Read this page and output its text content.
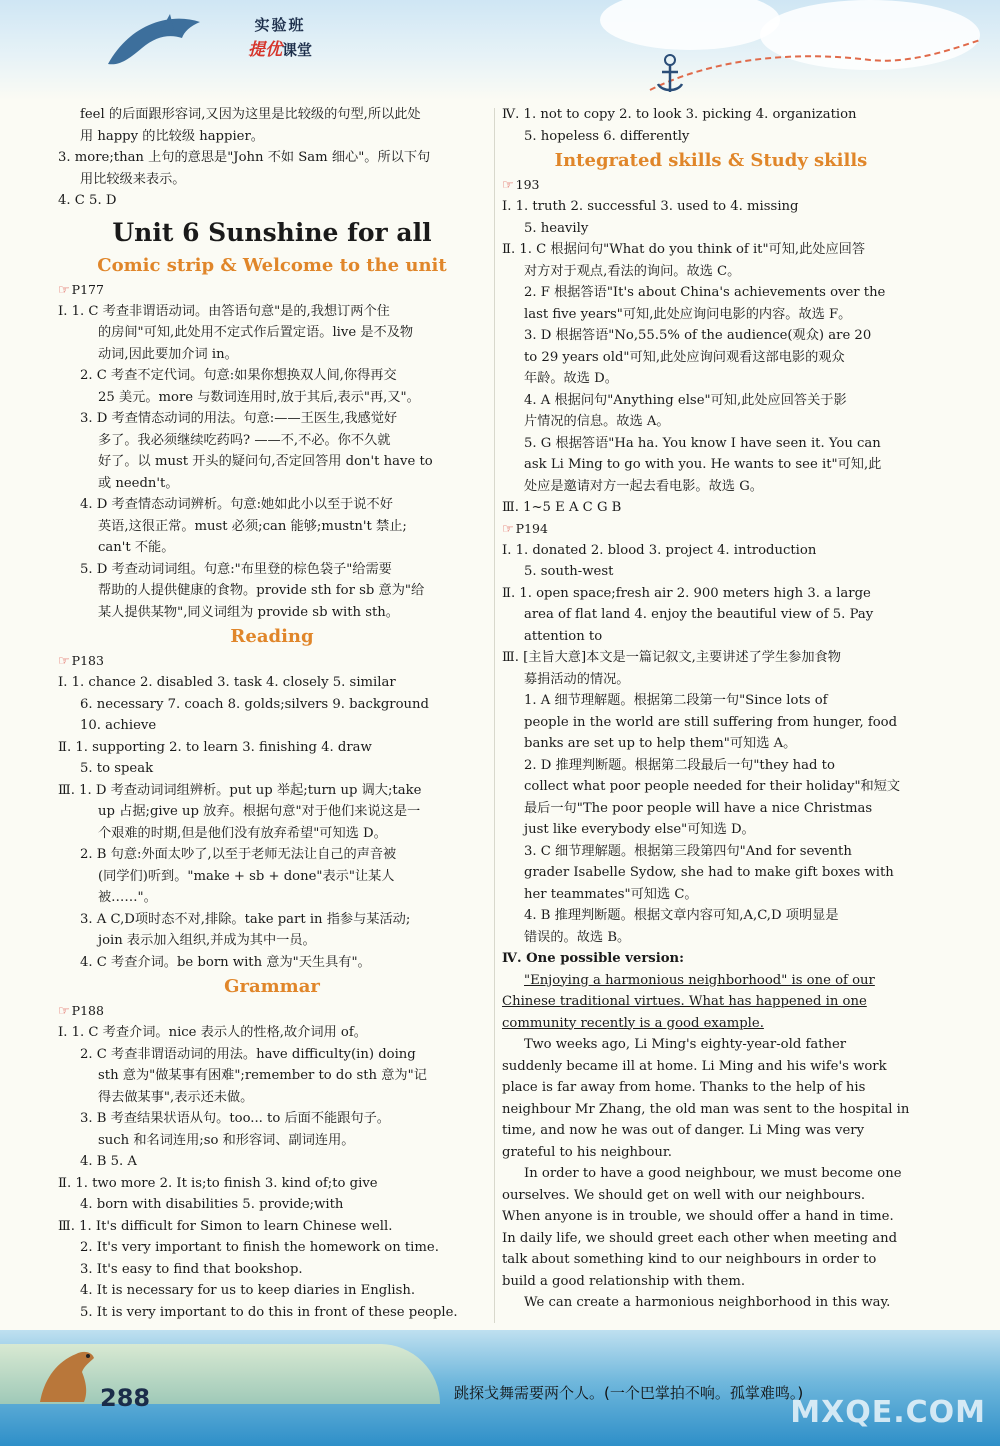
实验班
提优课堂
feel 的后面跟形容词,又因为这里是比较级的句型,所以此处
用 happy 的比较级 happier。
3. more;than 上句的意思是"John 不如 Sam 细心"。所以下句
用比较级来表示。
4. C 5. D
Unit 6 Sunshine for all
Comic strip & Welcome to the unit
☞ P177
Ⅰ. 1. C 考查非谓语动词。由答语句意"是的,我想订两个住
的房间"可知,此处用不定式作后置定语。live 是不及物
动词,因此要加介词 in。
2. C 考查不定代词。句意:如果你想换双人间,你得再交
25 美元。more 与数词连用时,放于其后,表示"再,又"。
3. D 考查情态动词的用法。句意:——王医生,我感觉好
多了。我必须继续吃药吗? ——不,不必。你不久就
好了。以 must 开头的疑问句,否定回答用 don't have to
或 needn't。
4. D 考查情态动词辨析。句意:她如此小以至于说不好
英语,这很正常。must 必须;can 能够;mustn't 禁止;
can't 不能。
5. D 考查动词词组。句意:"布里登的棕色袋子"给需要
帮助的人提供健康的食物。provide sth for sb 意为"给
某人提供某物",同义词组为 provide sb with sth。
Reading
☞ P183
Ⅰ. 1. chance 2. disabled 3. task 4. closely 5. similar
6. necessary 7. coach 8. golds;silvers 9. background
10. achieve
Ⅱ. 1. supporting 2. to learn 3. finishing 4. draw
5. to speak
Ⅲ. 1. D 考查动词词组辨析。put up 举起;turn up 调大;take
up 占据;give up 放弃。根据句意"对于他们来说这是一
个艰难的时期,但是他们没有放弃希望"可知选 D。
2. B 句意:外面太吵了,以至于老师无法让自己的声音被
(同学们)听到。"make + sb + done"表示"让某人
被……"。
3. A C,D项时态不对,排除。take part in 指参与某活动;
join 表示加入组织,并成为其中一员。
4. C 考查介词。be born with 意为"天生具有"。
Grammar
☞ P188
Ⅰ. 1. C 考查介词。nice 表示人的性格,故介词用 of。
2. C 考查非谓语动词的用法。have difficulty(in) doing
sth 意为"做某事有困难";remember to do sth 意为"记
得去做某事",表示还未做。
3. B 考查结果状语从句。too... to 后面不能跟句子。
such 和名词连用;so 和形容词、副词连用。
4. B 5. A
Ⅱ. 1. two more 2. It is;to finish 3. kind of;to give
4. born with disabilities 5. provide;with
Ⅲ. 1. It's difficult for Simon to learn Chinese well.
2. It's very important to finish the homework on time.
3. It's easy to find that bookshop.
4. It is necessary for us to keep diaries in English.
5. It is very important to do this in front of these people.
Ⅳ. 1. not to copy 2. to look 3. picking 4. organization
5. hopeless 6. differently
Integrated skills & Study skills
☞ 193
Ⅰ. 1. truth 2. successful 3. used to 4. missing
5. heavily
Ⅱ. 1. C 根据问句"What do you think of it"可知,此处应回答
对方对于观点,看法的询问。故选 C。
2. F 根据答语"It's about China's achievements over the
last five years"可知,此处应询问电影的内容。故选 F。
3. D 根据答语"No,55.5% of the audience(观众) are 20
to 29 years old"可知,此处应询问观看这部电影的观众
年龄。故选 D。
4. A 根据问句"Anything else"可知,此处应回答关于影
片情况的信息。故选 A。
5. G 根据答语"Ha ha. You know I have seen it. You can
ask Li Ming to go with you. He wants to see it"可知,此
处应是邀请对方一起去看电影。故选 G。
Ⅲ. 1~5 E A C G B
☞ P194
Ⅰ. 1. donated 2. blood 3. project 4. introduction
5. south-west
Ⅱ. 1. open space;fresh air 2. 900 meters high 3. a large
area of flat land 4. enjoy the beautiful view of 5. Pay
attention to
Ⅲ. [主旨大意]本文是一篇记叙文,主要讲述了学生参加食物
募捐活动的情况。
1. A 细节理解题。根据第二段第一句"Since lots of
people in the world are still suffering from hunger, food
banks are set up to help them"可知选 A。
2. D 推理判断题。根据第二段最后一句"they had to
collect what poor people needed for their holiday"和短文
最后一句"The poor people will have a nice Christmas
just like everybody else"可知选 D。
3. C 细节理解题。根据第三段第四句"And for seventh
grader Isabelle Sydow, she had to make gift boxes with
her teammates"可知选 C。
4. B 推理判断题。根据文章内容可知,A,C,D 项明显是
错误的。故选 B。
Ⅳ. One possible version:
"Enjoying a harmonious neighborhood" is one of our
Chinese traditional virtues. What has happened in one
community recently is a good example.
Two weeks ago, Li Ming's eighty-year-old father
suddenly became ill at home. Li Ming and his wife's work
place is far away from home. Thanks to the help of his
neighbour Mr Zhang, the old man was sent to the hospital in
time, and now he was out of danger. Li Ming was very
grateful to his neighbour.
In order to have a good neighbour, we must become one
ourselves. We should get on well with our neighbours.
When anyone is in trouble, we should offer a hand in time.
In daily life, we should greet each other when meeting and
talk about something kind to our neighbours in order to
build a good relationship with them.
We can create a harmonious neighborhood in this way.
288	跳探戈舞需要两个人。(一个巴掌拍不响。孤掌难鸣。)
MXQE.COM
